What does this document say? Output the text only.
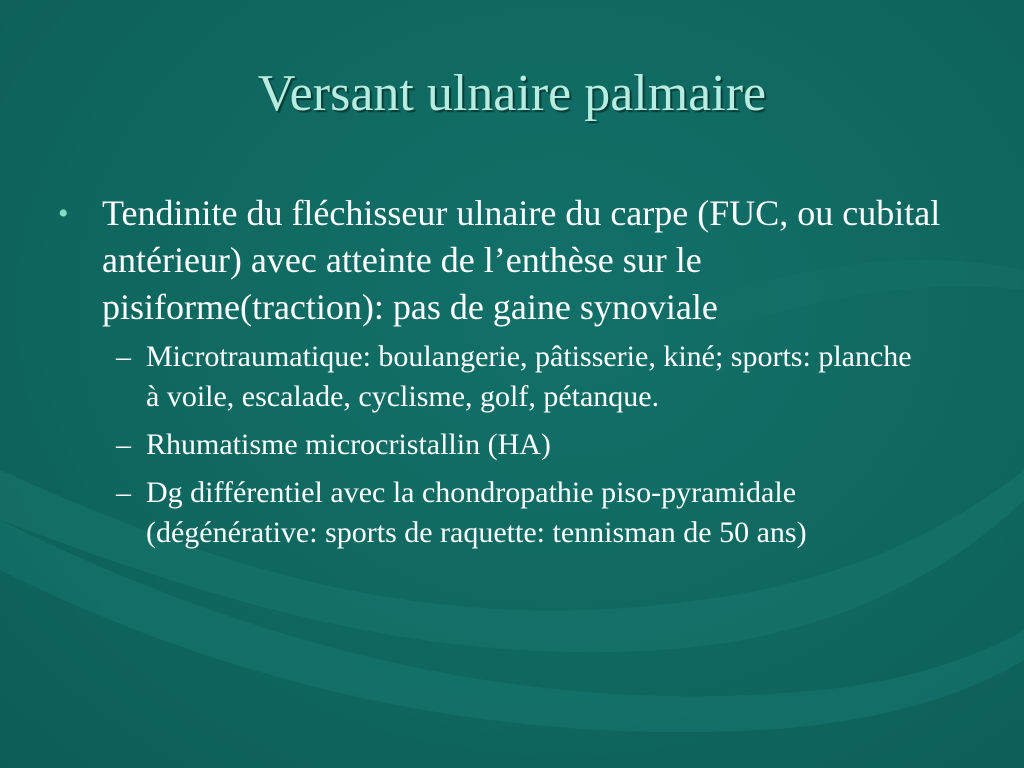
Versant ulnaire palmaire
• Tendinite du fléchisseur ulnaire du carpe (FUC, ou cubital antérieur) avec atteinte de l’enthèse sur le pisiforme(traction): pas de gaine synoviale
– Microtraumatique: boulangerie, pâtisserie, kiné; sports: planche à voile, escalade, cyclisme, golf, pétanque.
– Rhumatisme microcristallin (HA)
– Dg différentiel avec la chondropathie piso-pyramidale (dégénérative: sports de raquette: tennisman de 50 ans)
